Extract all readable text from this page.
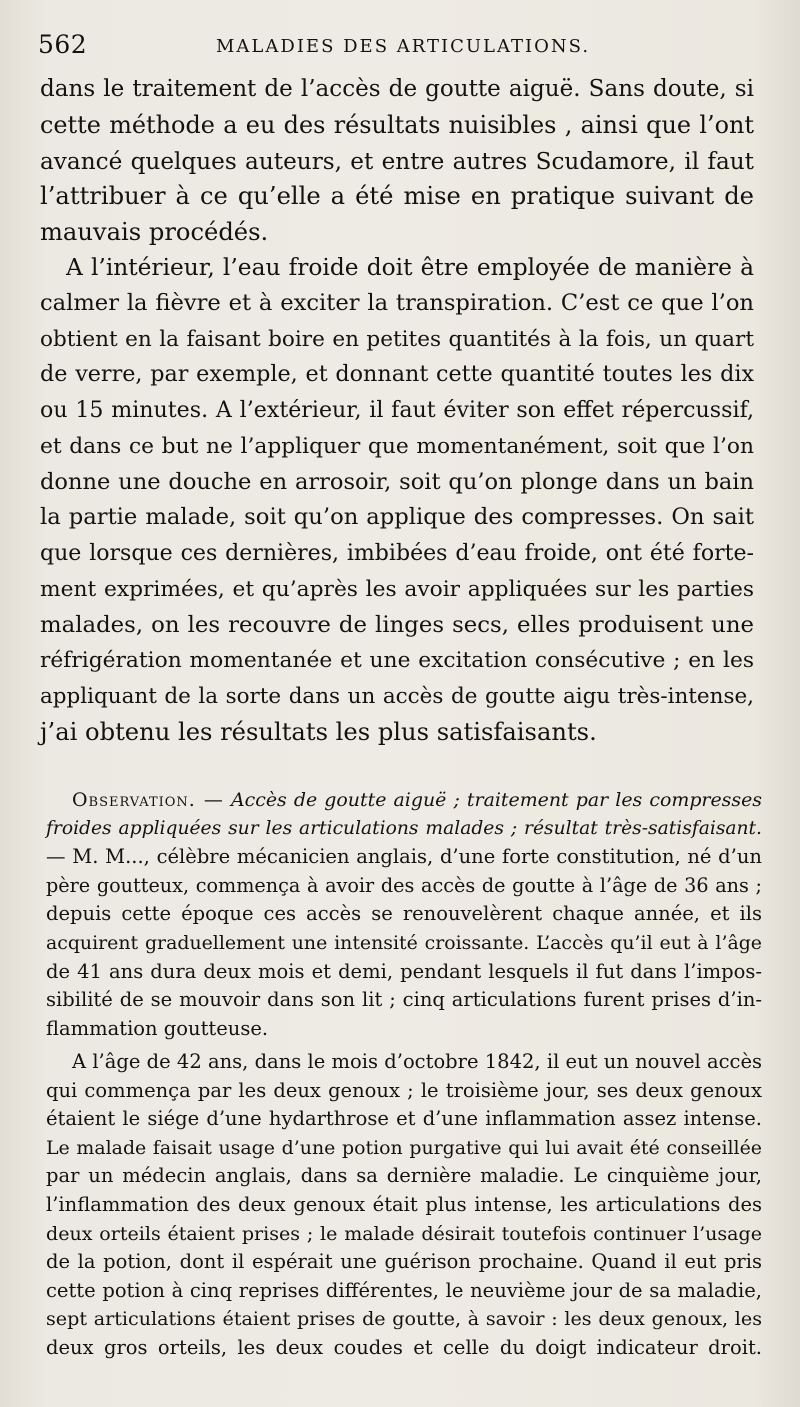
562	MALADIES DES ARTICULATIONS.
dans le traitement de l’accès de goutte aiguë. Sans doute, si
cette méthode a eu des résultats nuisibles , ainsi que l’ont
avancé quelques auteurs, et entre autres Scudamore, il faut
l’attribuer à ce qu’elle a été mise en pratique suivant de
mauvais procédés.
A l’intérieur, l’eau froide doit être employée de manière à
calmer la fièvre et à exciter la transpiration. C’est ce que l’on
obtient en la faisant boire en petites quantités à la fois, un quart
de verre, par exemple, et donnant cette quantité toutes les dix
ou 15 minutes. A l’extérieur, il faut éviter son effet répercussif,
et dans ce but ne l’appliquer que momentanément, soit que l’on
donne une douche en arrosoir, soit qu’on plonge dans un bain
la partie malade, soit qu’on applique des compresses. On sait
que lorsque ces dernières, imbibées d’eau froide, ont été forte-
ment exprimées, et qu’après les avoir appliquées sur les parties
malades, on les recouvre de linges secs, elles produisent une
réfrigération momentanée et une excitation consécutive ; en les
appliquant de la sorte dans un accès de goutte aigu très-intense,
j’ai obtenu les résultats les plus satisfaisants.
Observation. — Accès de goutte aiguë ; traitement par les compresses
froides appliquées sur les articulations malades ; résultat très-satisfaisant.
— M. M..., célèbre mécanicien anglais, d’une forte constitution, né d’un
père goutteux, commença à avoir des accès de goutte à l’âge de 36 ans ;
depuis cette époque ces accès se renouvelèrent chaque année, et ils
acquirent graduellement une intensité croissante. L’accès qu’il eut à l’âge
de 41 ans dura deux mois et demi, pendant lesquels il fut dans l’impos-
sibilité de se mouvoir dans son lit ; cinq articulations furent prises d’in-
flammation goutteuse.
A l’âge de 42 ans, dans le mois d’octobre 1842, il eut un nouvel accès
qui commença par les deux genoux ; le troisième jour, ses deux genoux
étaient le siége d’une hydarthrose et d’une inflammation assez intense.
Le malade faisait usage d’une potion purgative qui lui avait été conseillée
par un médecin anglais, dans sa dernière maladie. Le cinquième jour,
l’inflammation des deux genoux était plus intense, les articulations des
deux orteils étaient prises ; le malade désirait toutefois continuer l’usage
de la potion, dont il espérait une guérison prochaine. Quand il eut pris
cette potion à cinq reprises différentes, le neuvième jour de sa maladie,
sept articulations étaient prises de goutte, à savoir : les deux genoux, les
deux gros orteils, les deux coudes et celle du doigt indicateur droit.
